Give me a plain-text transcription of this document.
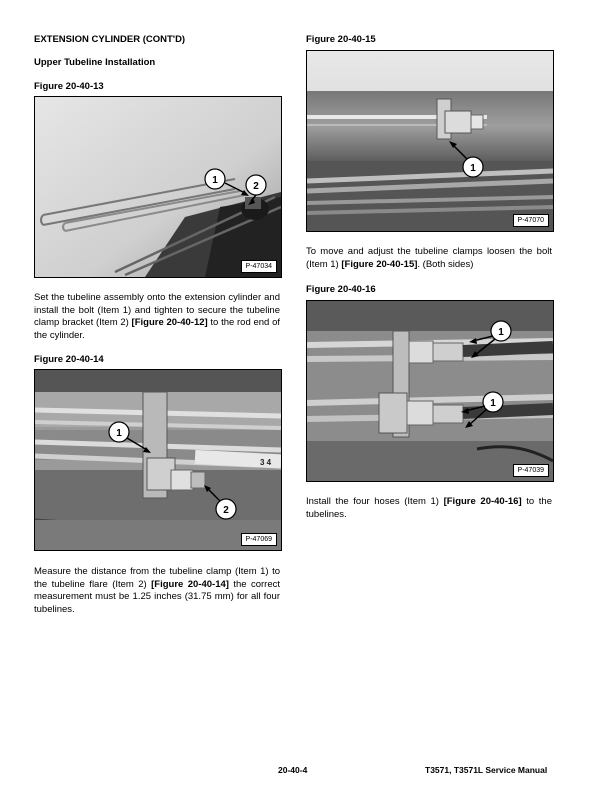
EXTENSION CYLINDER (CONT'D)
Upper Tubeline Installation
Figure 20-40-13
2
1
P-47034
Set the tubeline assembly onto the extension cylinder and install the bolt (Item 1) and tighten to secure the tubeline clamp bracket (Item 2) [Figure 20-40-12] to the rod end of the cylinder.
Figure 20-40-14
3 4
1
2
P-47069
Measure the distance from the tubeline clamp (Item 1) to the tubeline flare (Item 2) [Figure 20-40-14] the correct measurement must be 1.25 inches (31.75 mm) for all four tubelines.
Figure 20-40-15
1
P-47070
To move and adjust the tubeline clamps loosen the bolt (Item 1) [Figure 20-40-15]. (Both sides)
Figure 20-40-16
1
1
P-47039
Install the four hoses (Item 1) [Figure 20-40-16] to the tubelines.
20-40-4	T3571, T3571L Service Manual
